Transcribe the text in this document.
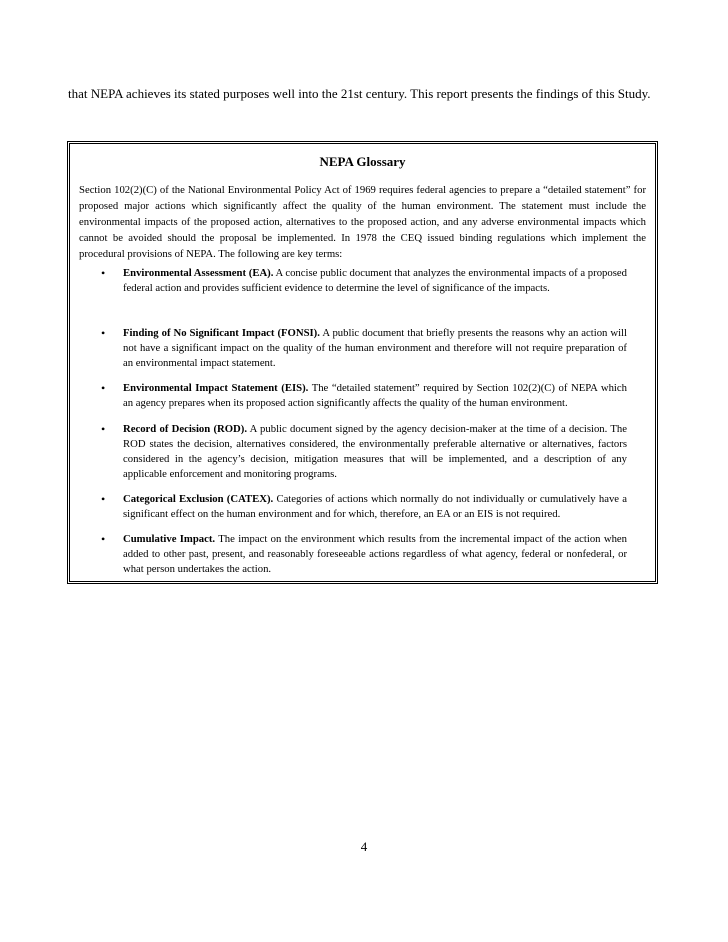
that NEPA achieves its stated purposes well into the 21st century. This report presents the findings of this Study.

NEPA Glossary

Section 102(2)(C) of the National Environmental Policy Act of 1969 requires federal agencies to prepare a “detailed statement” for proposed major actions which significantly affect the quality of the human environment. The statement must include the environmental impacts of the proposed action, alternatives to the proposed action, and any adverse environmental impacts which cannot be avoided should the proposal be implemented. In 1978 the CEQ issued binding regulations which implement the procedural provisions of NEPA. The following are key terms:

• Environmental Assessment (EA). A concise public document that analyzes the environmental impacts of a proposed federal action and provides sufficient evidence to determine the level of significance of the impacts.

• Finding of No Significant Impact (FONSI). A public document that briefly presents the reasons why an action will not have a significant impact on the quality of the human environment and therefore will not require preparation of an environmental impact statement.

• Environmental Impact Statement (EIS). The “detailed statement” required by Section 102(2)(C) of NEPA which an agency prepares when its proposed action significantly affects the quality of the human environment.

• Record of Decision (ROD). A public document signed by the agency decision-maker at the time of a decision. The ROD states the decision, alternatives considered, the environmentally preferable alternative or alternatives, factors considered in the agency’s decision, mitigation measures that will be implemented, and a description of any applicable enforcement and monitoring programs.

• Categorical Exclusion (CATEX). Categories of actions which normally do not individually or cumulatively have a significant effect on the human environment and for which, therefore, an EA or an EIS is not required.

• Cumulative Impact. The impact on the environment which results from the incremental impact of the action when added to other past, present, and reasonably foreseeable actions regardless of what agency, federal or nonfederal, or what person undertakes the action.

4
